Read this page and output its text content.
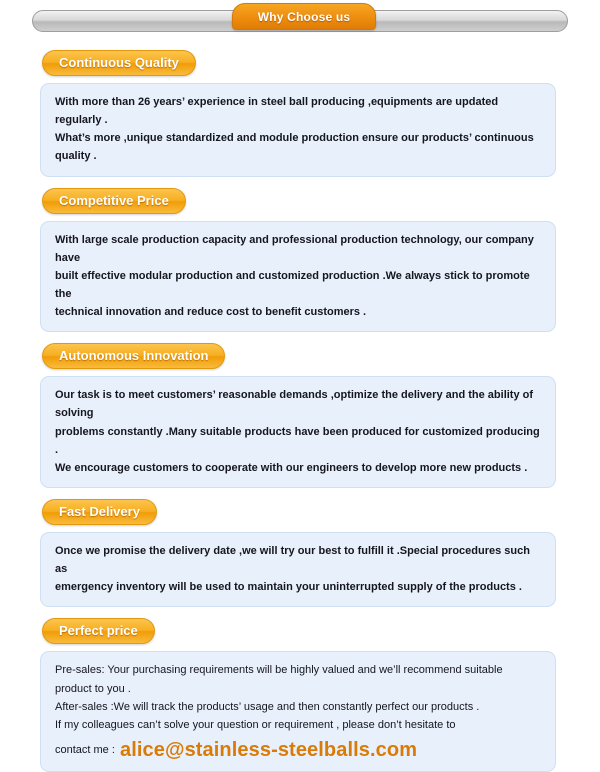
Why Choose us
Continuous Quality

With more than 26 years’ experience in steel ball producing ,equipments are updated regularly .

What’s more ,unique standardized and module production ensure our products’ continuous quality .

Competitive Price

With large scale production capacity and professional production technology, our company have

built effective modular production and customized production .We always stick to promote the

technical innovation and reduce cost to benefit customers .

Autonomous Innovation

Our task is to meet customers’ reasonable demands ,optimize the delivery and the ability of solving

problems constantly .Many suitable products have been produced for customized producing .

We encourage customers to cooperate with our engineers to develop more new products .

Fast Delivery

Once we promise the delivery date ,we will try our best to fulfill it .Special procedures such as

emergency inventory will be used to maintain your uninterrupted supply of the products .

Perfect price

Pre-sales: Your purchasing requirements will be highly valued and we’ll recommend suitable

product to you .

After-sales :We will track the products’ usage and then constantly perfect our products .

If my colleagues can’t solve your question or requirement , please don’t hesitate to

contact me : alice@stainless-steelballs.com
